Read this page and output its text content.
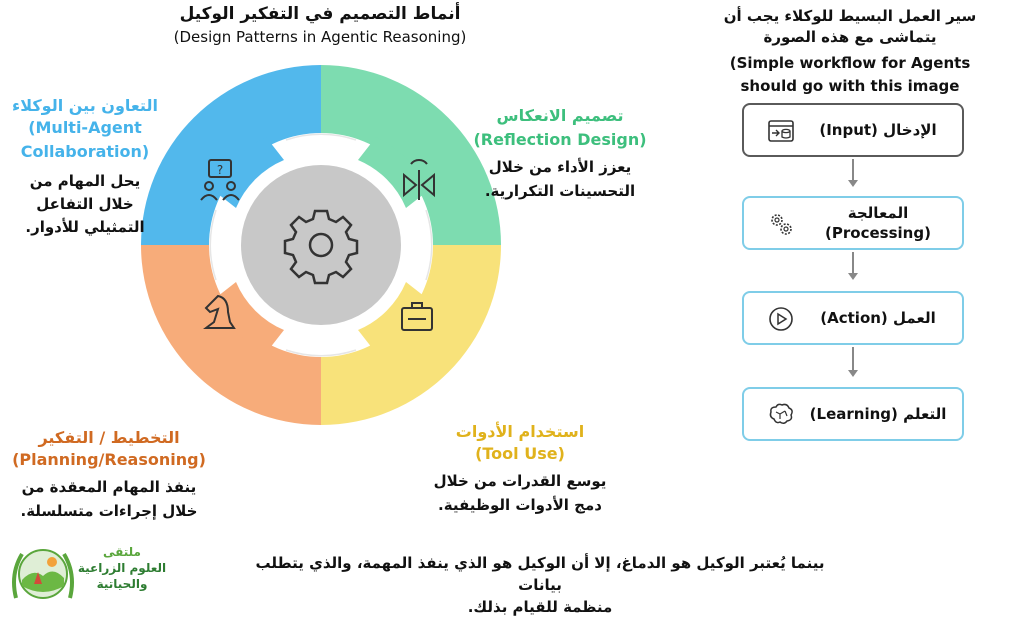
أنماط التصميم في التفكير الوكيل
(Design Patterns in Agentic Reasoning)
?
التعاون بين الوكلاء
(Multi-Agent
Collaboration)
يحل المهام من
خلال التفاعل
التمثيلي للأدوار.
تصميم الانعكاس
(Reflection Design)
يعزز الأداء من خلال
التحسينات التكرارية.
التخطيط / التفكير
(Planning/Reasoning)
ينفذ المهام المعقدة من
خلال إجراءات متسلسلة.
استخدام الأدوات
(Tool Use)
يوسع القدرات من خلال
دمج الأدوات الوظيفية.
سير العمل البسيط للوكلاء يجب أن
يتماشى مع هذه الصورة
(Simple workflow for Agents
should go with this image
(Input)
الإدخال
المعالجة
(Processing)
(Action)
العمل
(Learning)
التعلم
بينما يُعتبر الوكيل هو الدماغ، إلا أن الوكيل هو الذي ينفذ المهمة، والذي يتطلب بيانات
منظمة للقيام بذلك.
ملتقى
العلوم الزراعية
والحياتية
